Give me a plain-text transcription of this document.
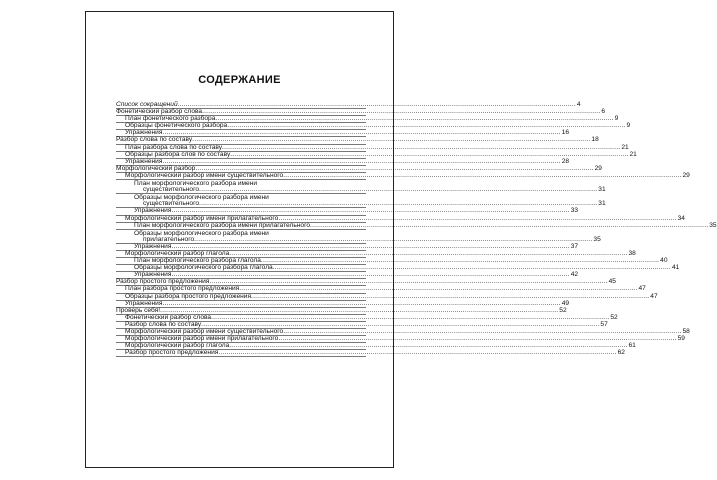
СОДЕРЖАНИЕ
Список сокращений .....	4
Фонетический разбор слова .....	6
План фонетического разбора .....	9
Образцы фонетического разбора .....	9
Упражнения .....	16
Разбор слова по составу .....	18
План разбора слова по составу .....	21
Образцы разбора слов по составу .....	21
Упражнения .....	28
Морфологический разбор .....	29
Морфологический разбор имени существительного .....	29
План морфологического разбора имени
существительного .....	31
Образцы морфологического разбора имени
существительного .....	31
Упражнения .....	33
Морфологический разбор имени прилагательного .....	34
План морфологического разбора имени прилагательного .....	35
Образцы морфологического разбора имени
прилагательного .....	35
Упражнения .....	37
Морфологический разбор глагола .....	38
План морфологического разбора глагола .....	40
Образцы морфологического разбора глагола .....	41
Упражнения .....	42
Разбор простого предложения .....	45
План разбора простого предложения .....	47
Образцы разбора простого предложения .....	47
Упражнения .....	49
Проверь себя! .....	52
Фонетический разбор слова .....	52
Разбор слова по составу .....	57
Морфологический разбор имени существительного .....	58
Морфологический разбор имени прилагательного .....	59
Морфологический разбор глагола .....	61
Разбор простого предложения .....	62
